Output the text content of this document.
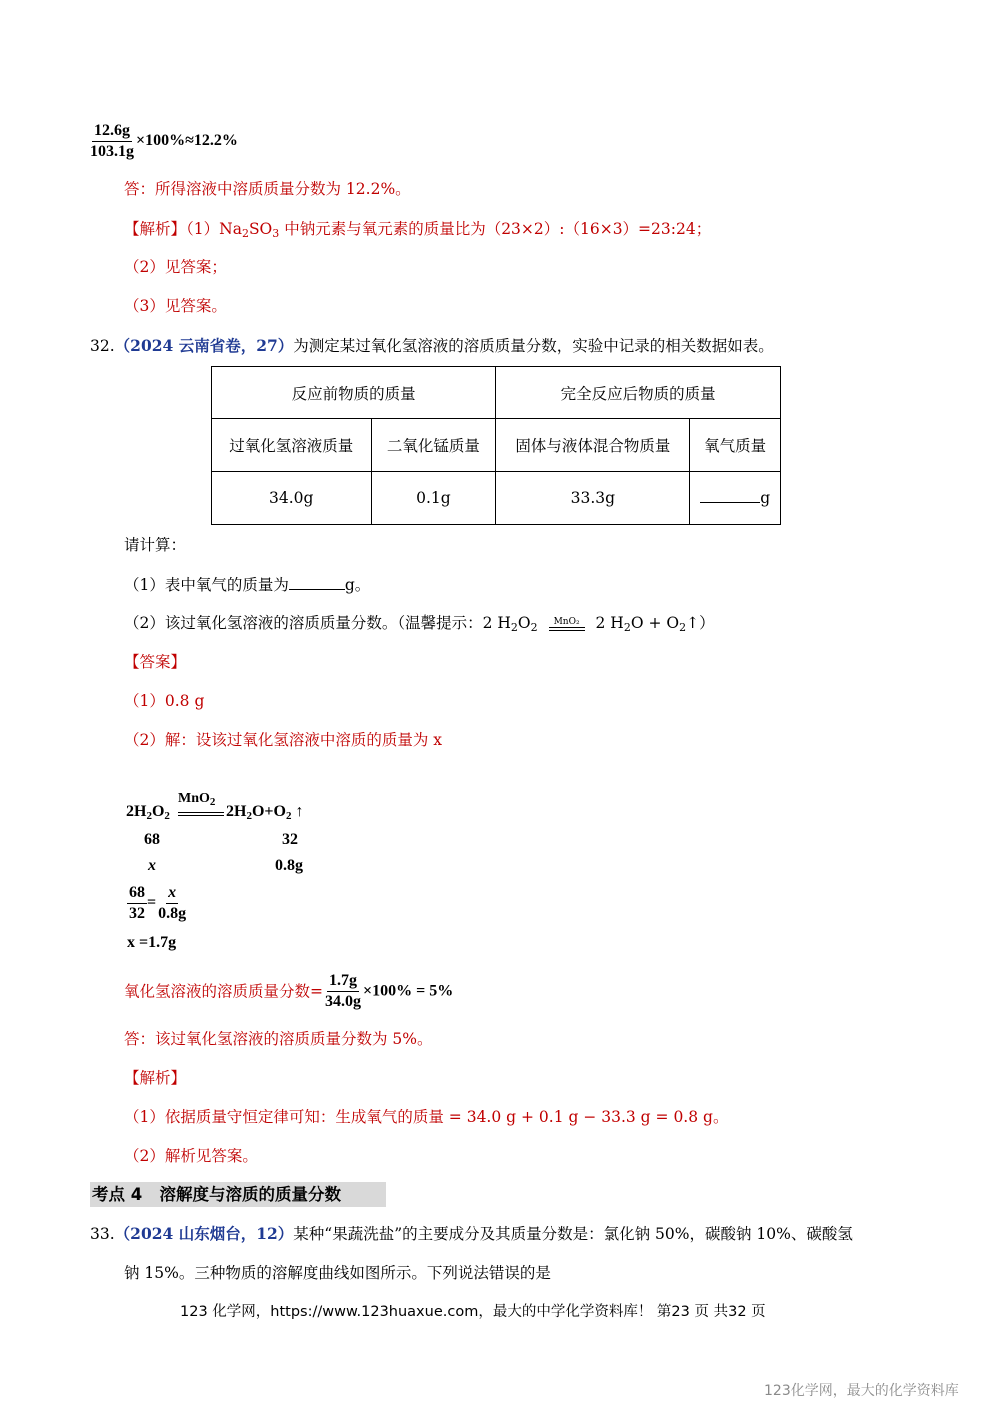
$\frac{12.6g}{103.1g} \times 100\%\approx 12.2\%$
答：所得溶液中溶质质量分数为 12.2%。
【解析】$(1)Na_2SO_3$ 中钠元素与氧元素的质量比为（23×2）:（16×3）=23:24；
（2）见答案；
（3）见答案。
32.（2024 云南省卷，27）为测定某过氧化氢溶液的溶质质量分数，实验中记录的相关数据如表。
反应前物质的质量		完全反应后物质的质量	
过氧化氢溶液质量	二氧化锰质量	固体与液体混合物质量	氧气质量
34.0g	0.1g	33.3g	g
请计算：
（1）表中氧气的质量为	g。
（2）该过氧化氢溶液的溶质质量分数。（温馨提示：2 $H_2O_2$ MnO₂ 2 $H_2O$ + $O_2↑$）
【答案】
（1）0.8 g
（2）解：设该过氧化氢溶液中溶质的质量为 x
$2H_2O_2$
MnO$_2$
$2H_2O+O_2$ ↑
68	32
x	0.8g
$\frac{68}{32} = \frac{x}{0.8g}$
x =1.7g
氧化氢溶液的溶质质量分数= $\frac{1.7g}{34.0g} \times 100\% = 5\%$
答：该过氧化氢溶液的溶质质量分数为 5%。
【解析】
（1）依据质量守恒定律可知：生成氧气的质量 = 34.0 g + 0.1 g − 33.3 g = 0.8 g。
（2）解析见答案。
考点 4 溶解度与溶质的质量分数
33.（2024 山东烟台，12）某种“果蔬洗盐”的主要成分及其质量分数是：氯化钠 50%，碳酸钠 10%、碳酸氢
钠 15%。三种物质的溶解度曲线如图所示。下列说法错误的是
123 化学网，https://www.123huaxue.com，最大的中学化学资料库！ 第23 页 共32 页
123化学网，最大的化学资料库
